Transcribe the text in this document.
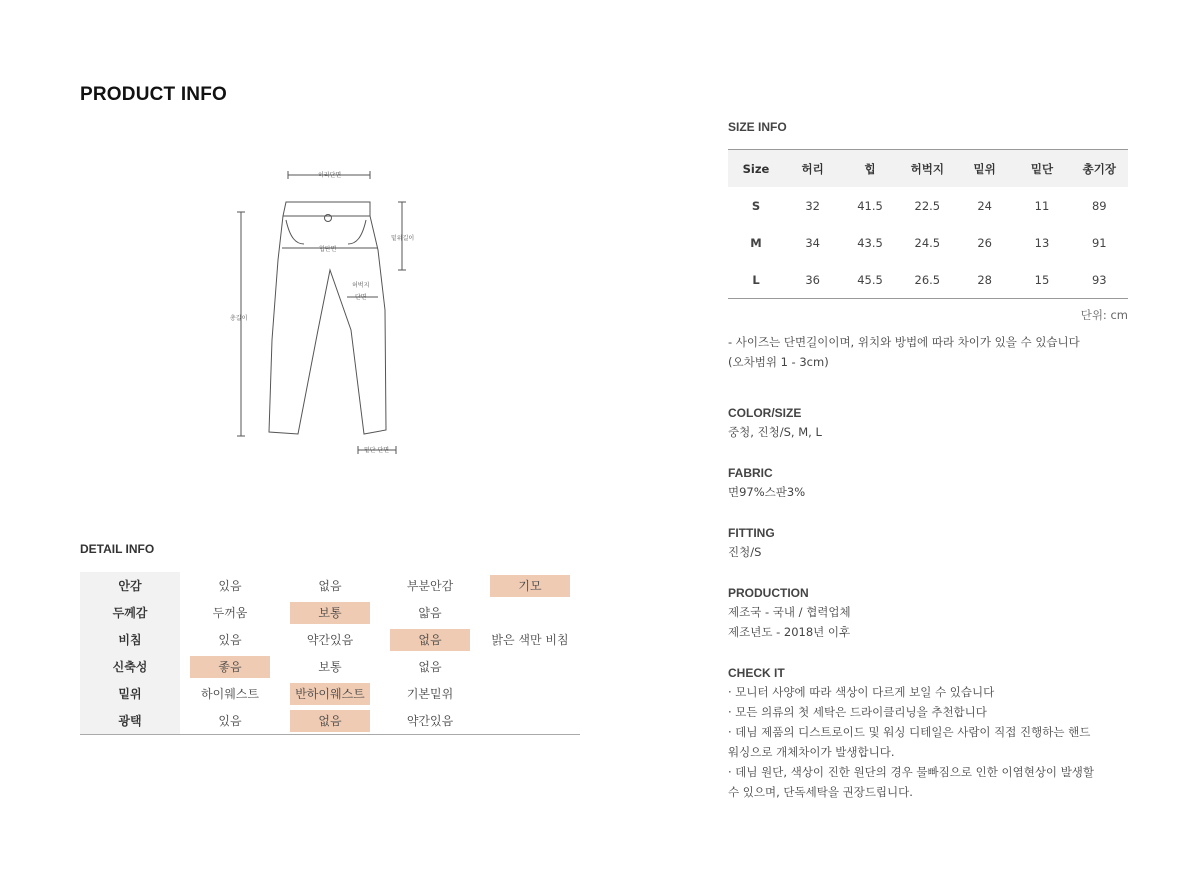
PRODUCT INFO
허리단면
밑위길이
힙단면
허벅지
단면
총길이
밑단 단면
DETAIL INFO
안감	있음	없음	부분안감	기모
두께감	두꺼움	보통	얇음
비침	있음	약간있음	없음	밝은 색만 비침
신축성	좋음	보통	없음
밑위	하이웨스트	반하이웨스트	기본밑위
광택	있음	없음	약간있음
SIZE INFO
Size	허리	힙	허벅지	밑위	밑단	총기장
S	32	41.5	22.5	24	11	89
M	34	43.5	24.5	26	13	91
L	36	45.5	26.5	28	15	93
단위: cm
- 사이즈는 단면길이이며, 위치와 방법에 따라 차이가 있을 수 있습니다
(오차범위 1 - 3cm)
COLOR/SIZE
중청, 진청/S, M, L
FABRIC
면97%스판3%
FITTING
진청/S
PRODUCTION
제조국 - 국내 / 협력업체
제조년도 - 2018년 이후
CHECK IT
· 모니터 사양에 따라 색상이 다르게 보일 수 있습니다
· 모든 의류의 첫 세탁은 드라이클리닝을 추천합니다
· 데님 제품의 디스트로이드 및 워싱 디테일은 사람이 직접 진행하는 핸드
워싱으로 개체차이가 발생합니다.
· 데님 원단, 색상이 진한 원단의 경우 물빠짐으로 인한 이염현상이 발생할
수 있으며, 단독세탁을 권장드립니다.
